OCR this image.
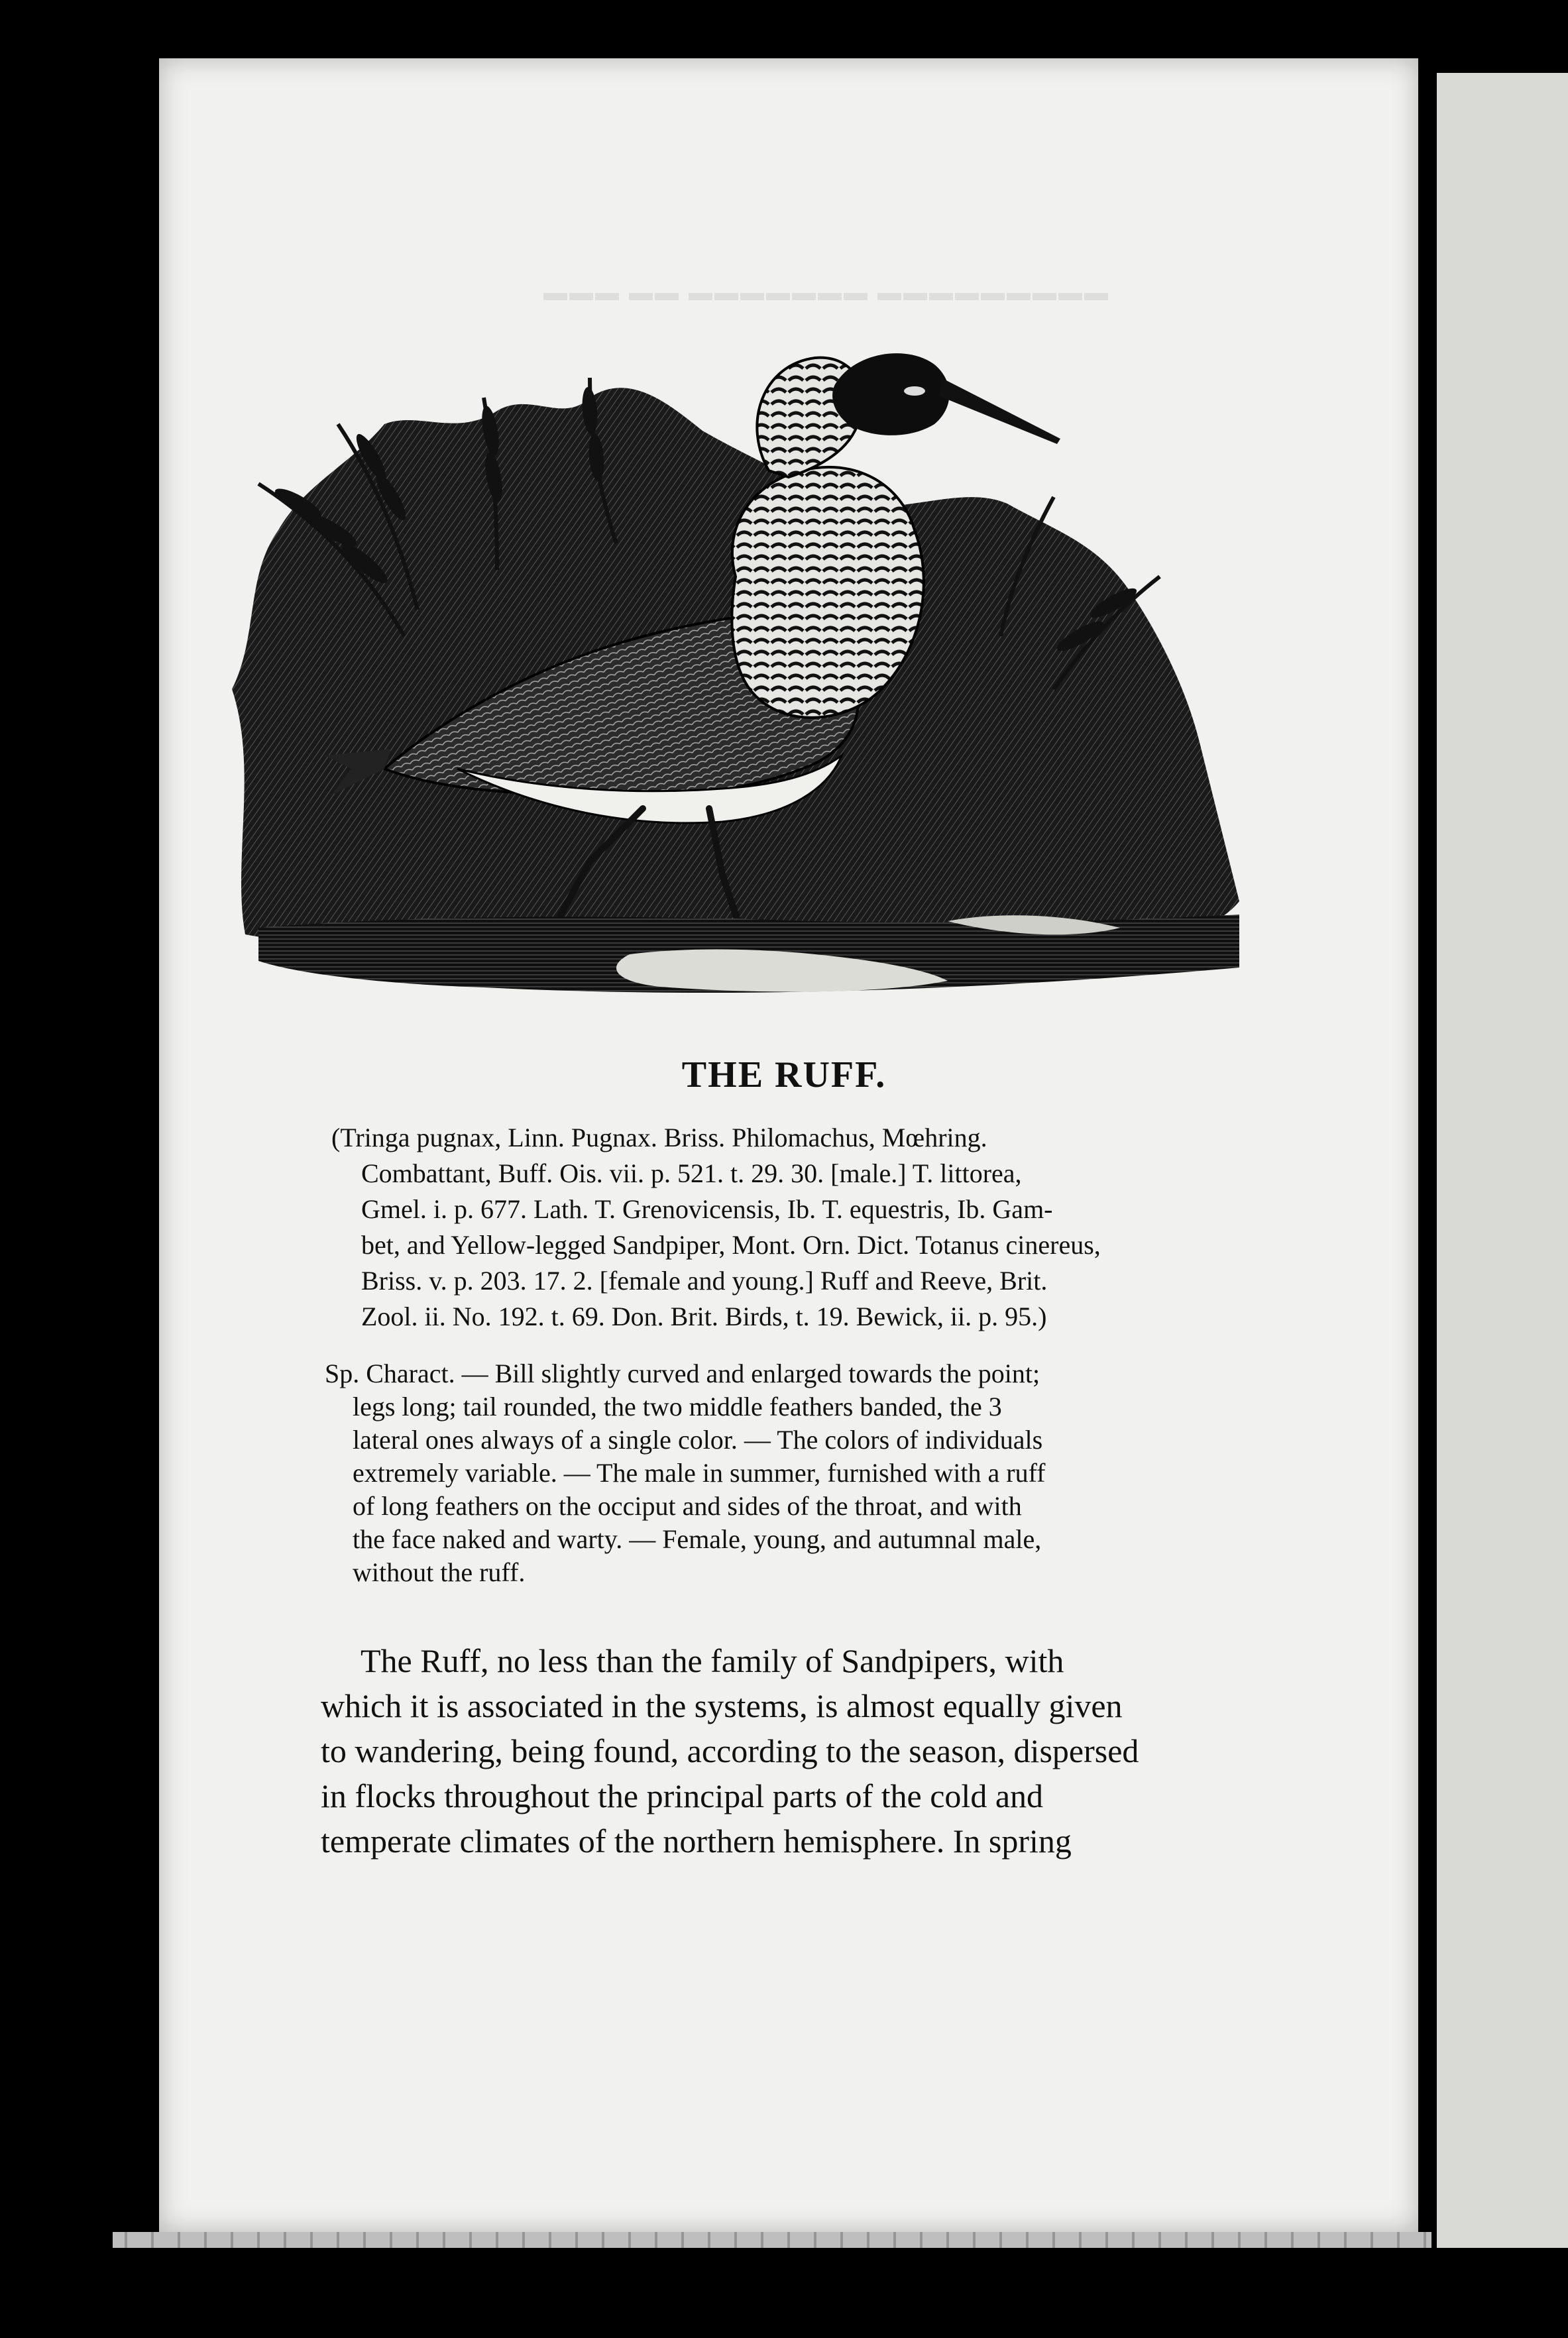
▬▬▬ ▬▬ ▬▬▬▬▬▬▬ ▬▬▬▬▬▬▬▬▬
THE RUFF.
(Tringa pugnax, Linn. Pugnax. Briss. Philomachus, Mœhring.
Combattant, Buff. Ois. vii. p. 521. t. 29. 30. [male.] T. littorea,
Gmel. i. p. 677. Lath. T. Grenovicensis, Ib. T. equestris, Ib. Gam-
bet, and Yellow-legged Sandpiper, Mont. Orn. Dict. Totanus cinereus,
Briss. v. p. 203. 17. 2. [female and young.] Ruff and Reeve, Brit.
Zool. ii. No. 192. t. 69. Don. Brit. Birds, t. 19. Bewick, ii. p. 95.)
Sp. Charact. — Bill slightly curved and enlarged towards the point;
legs long; tail rounded, the two middle feathers banded, the 3
lateral ones always of a single color. — The colors of individuals
extremely variable. — The male in summer, furnished with a ruff
of long feathers on the occiput and sides of the throat, and with
the face naked and warty. — Female, young, and autumnal male,
without the ruff.
The Ruff, no less than the family of Sandpipers, with
which it is associated in the systems, is almost equally given
to wandering, being found, according to the season, dispersed
in flocks throughout the principal parts of the cold and
temperate climates of the northern hemisphere. In spring
